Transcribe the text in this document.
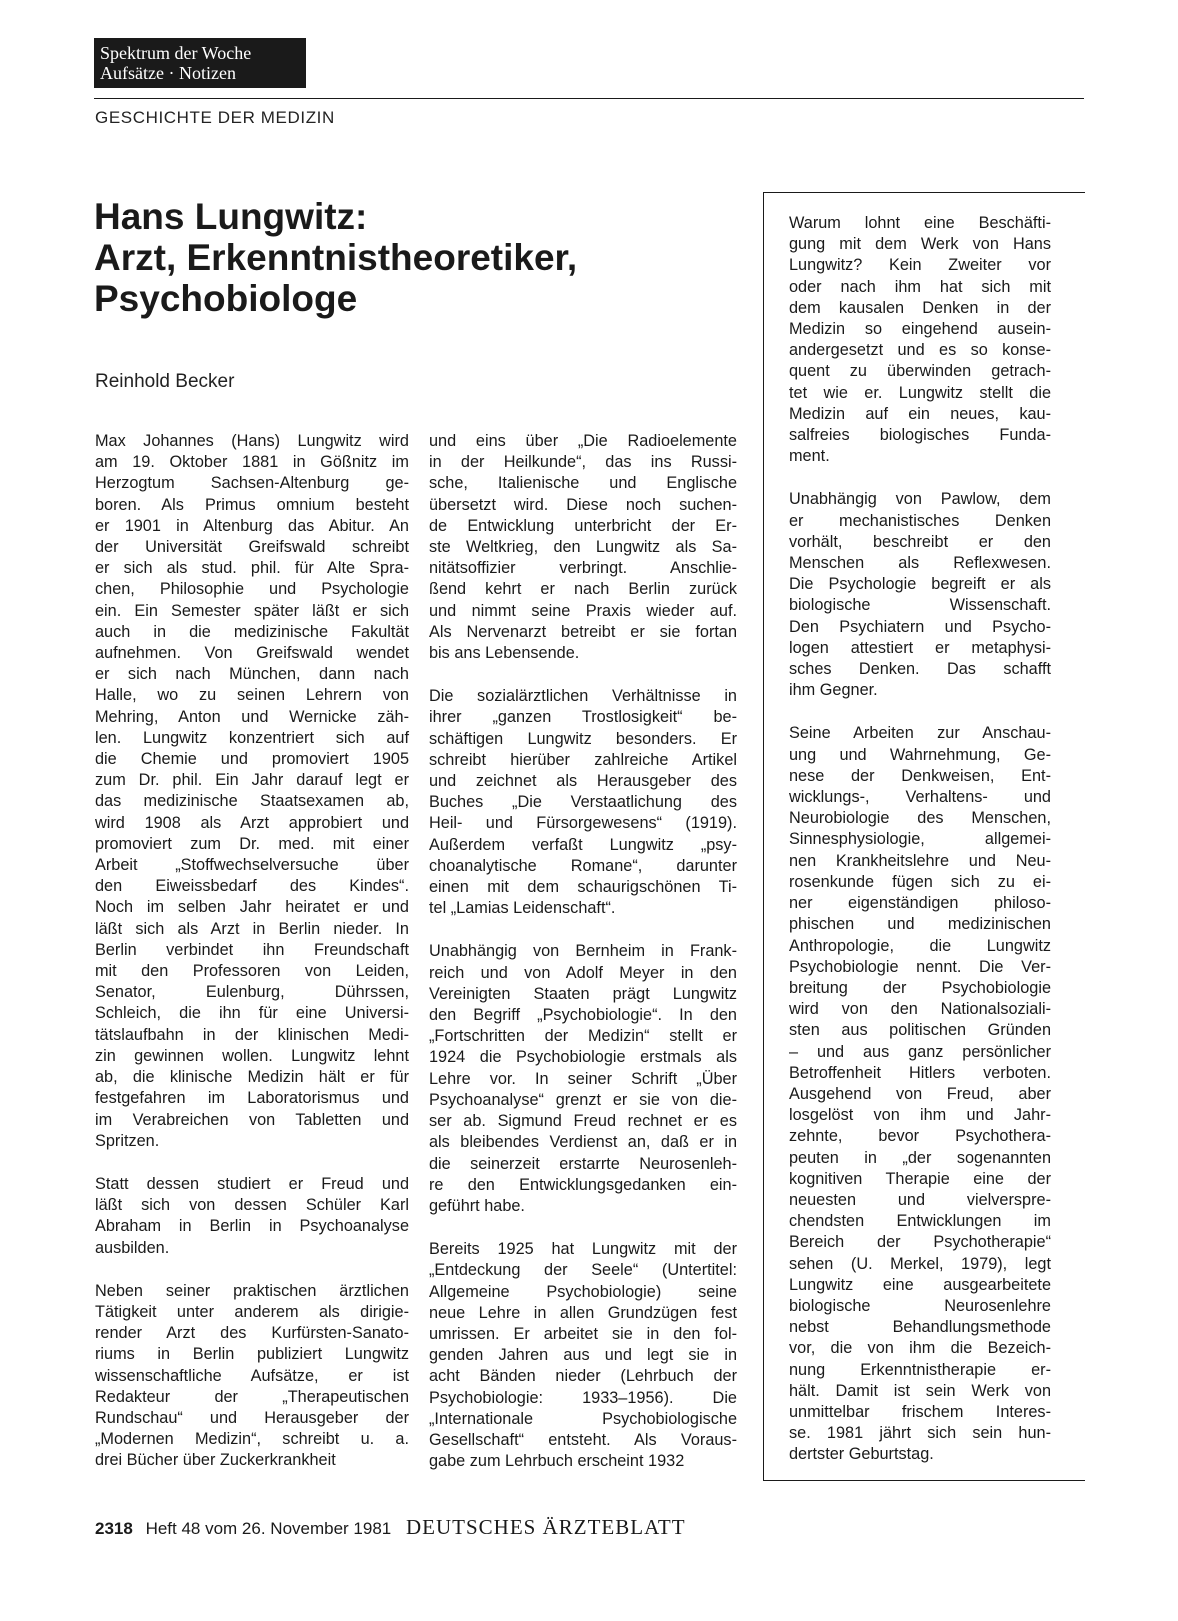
Spektrum der Woche
Aufsätze · Notizen
GESCHICHTE DER MEDIZIN
Hans Lungwitz:
Arzt, Erkenntnistheoretiker,
Psychobiologe
Reinhold Becker
Max Johannes (Hans) Lungwitz wird
am 19. Oktober 1881 in Gößnitz im
Herzogtum Sachsen-Altenburg ge-
boren. Als Primus omnium besteht
er 1901 in Altenburg das Abitur. An
der Universität Greifswald schreibt
er sich als stud. phil. für Alte Spra-
chen, Philosophie und Psychologie
ein. Ein Semester später läßt er sich
auch in die medizinische Fakultät
aufnehmen. Von Greifswald wendet
er sich nach München, dann nach
Halle, wo zu seinen Lehrern von
Mehring, Anton und Wernicke zäh-
len. Lungwitz konzentriert sich auf
die Chemie und promoviert 1905
zum Dr. phil. Ein Jahr darauf legt er
das medizinische Staatsexamen ab,
wird 1908 als Arzt approbiert und
promoviert zum Dr. med. mit einer
Arbeit „Stoffwechselversuche über
den Eiweissbedarf des Kindes“.
Noch im selben Jahr heiratet er und
läßt sich als Arzt in Berlin nieder. In
Berlin verbindet ihn Freundschaft
mit den Professoren von Leiden,
Senator, Eulenburg, Dührssen,
Schleich, die ihn für eine Universi-
tätslaufbahn in der klinischen Medi-
zin gewinnen wollen. Lungwitz lehnt
ab, die klinische Medizin hält er für
festgefahren im Laboratorismus und
im Verabreichen von Tabletten und
Spritzen.
Statt dessen studiert er Freud und
läßt sich von dessen Schüler Karl
Abraham in Berlin in Psychoanalyse
ausbilden.
Neben seiner praktischen ärztlichen
Tätigkeit unter anderem als dirigie-
render Arzt des Kurfürsten-Sanato-
riums in Berlin publiziert Lungwitz
wissenschaftliche Aufsätze, er ist
Redakteur der „Therapeutischen
Rundschau“ und Herausgeber der
„Modernen Medizin“, schreibt u. a.
drei Bücher über Zuckerkrankheit
und eins über „Die Radioelemente
in der Heilkunde“, das ins Russi-
sche, Italienische und Englische
übersetzt wird. Diese noch suchen-
de Entwicklung unterbricht der Er-
ste Weltkrieg, den Lungwitz als Sa-
nitätsoffizier verbringt. Anschlie-
ßend kehrt er nach Berlin zurück
und nimmt seine Praxis wieder auf.
Als Nervenarzt betreibt er sie fortan
bis ans Lebensende.
Die sozialärztlichen Verhältnisse in
ihrer „ganzen Trostlosigkeit“ be-
schäftigen Lungwitz besonders. Er
schreibt hierüber zahlreiche Artikel
und zeichnet als Herausgeber des
Buches „Die Verstaatlichung des
Heil- und Fürsorgewesens“ (1919).
Außerdem verfaßt Lungwitz „psy-
choanalytische Romane“, darunter
einen mit dem schaurigschönen Ti-
tel „Lamias Leidenschaft“.
Unabhängig von Bernheim in Frank-
reich und von Adolf Meyer in den
Vereinigten Staaten prägt Lungwitz
den Begriff „Psychobiologie“. In den
„Fortschritten der Medizin“ stellt er
1924 die Psychobiologie erstmals als
Lehre vor. In seiner Schrift „Über
Psychoanalyse“ grenzt er sie von die-
ser ab. Sigmund Freud rechnet er es
als bleibendes Verdienst an, daß er in
die seinerzeit erstarrte Neurosenleh-
re den Entwicklungsgedanken ein-
geführt habe.
Bereits 1925 hat Lungwitz mit der
„Entdeckung der Seele“ (Untertitel:
Allgemeine Psychobiologie) seine
neue Lehre in allen Grundzügen fest
umrissen. Er arbeitet sie in den fol-
genden Jahren aus und legt sie in
acht Bänden nieder (Lehrbuch der
Psychobiologie: 1933–1956). Die
„Internationale Psychobiologische
Gesellschaft“ entsteht. Als Voraus-
gabe zum Lehrbuch erscheint 1932
Warum lohnt eine Beschäfti-
gung mit dem Werk von Hans
Lungwitz? Kein Zweiter vor
oder nach ihm hat sich mit
dem kausalen Denken in der
Medizin so eingehend ausein-
andergesetzt und es so konse-
quent zu überwinden getrach-
tet wie er. Lungwitz stellt die
Medizin auf ein neues, kau-
salfreies biologisches Funda-
ment.
Unabhängig von Pawlow, dem
er mechanistisches Denken
vorhält, beschreibt er den
Menschen als Reflexwesen.
Die Psychologie begreift er als
biologische Wissenschaft.
Den Psychiatern und Psycho-
logen attestiert er metaphysi-
sches Denken. Das schafft
ihm Gegner.
Seine Arbeiten zur Anschau-
ung und Wahrnehmung, Ge-
nese der Denkweisen, Ent-
wicklungs-, Verhaltens- und
Neurobiologie des Menschen,
Sinnesphysiologie, allgemei-
nen Krankheitslehre und Neu-
rosenkunde fügen sich zu ei-
ner eigenständigen philoso-
phischen und medizinischen
Anthropologie, die Lungwitz
Psychobiologie nennt. Die Ver-
breitung der Psychobiologie
wird von den Nationalsoziali-
sten aus politischen Gründen
– und aus ganz persönlicher
Betroffenheit Hitlers verboten.
Ausgehend von Freud, aber
losgelöst von ihm und Jahr-
zehnte, bevor Psychothera-
peuten in „der sogenannten
kognitiven Therapie eine der
neuesten und vielverspre-
chendsten Entwicklungen im
Bereich der Psychotherapie“
sehen (U. Merkel, 1979), legt
Lungwitz eine ausgearbeitete
biologische Neurosenlehre
nebst Behandlungsmethode
vor, die von ihm die Bezeich-
nung Erkenntnistherapie er-
hält. Damit ist sein Werk von
unmittelbar frischem Interes-
se. 1981 jährt sich sein hun-
dertster Geburtstag.
2318 Heft 48 vom 26. November 1981 DEUTSCHES ÄRZTEBLATT
